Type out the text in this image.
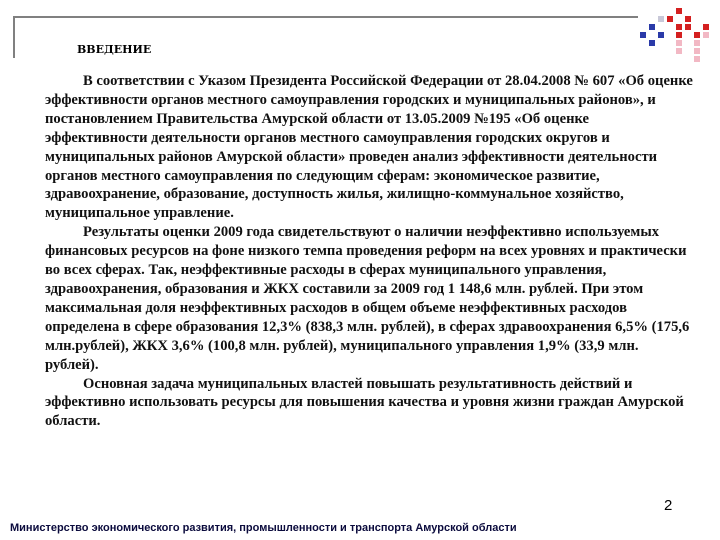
ВВЕДЕНИЕ

В соответствии с Указом Президента Российской Федерации от 28.04.2008 № 607 «Об оценке эффективности органов местного самоуправления городских и муниципальных районов», и постановлением Правительства Амурской области от 13.05.2009 №195 «Об оценке эффективности деятельности органов местного самоуправления городских округов и муниципальных районов Амурской области» проведен анализ эффективности деятельности органов местного самоуправления по следующим сферам: экономическое развитие, здравоохранение, образование, доступность жилья, жилищно-коммунальное хозяйство, муниципальное управление.

Результаты оценки 2009 года свидетельствуют о наличии неэффективно используемых финансовых ресурсов на фоне низкого темпа проведения реформ на всех уровнях и практически во всех сферах. Так, неэффективные расходы в сферах муниципального управления, здравоохранения, образования и ЖКХ составили за 2009 год 1 148,6 млн. рублей. При этом максимальная доля неэффективных расходов в общем объеме неэффективных расходов определена в сфере образования 12,3% (838,3 млн. рублей), в сферах здравоохранения 6,5% (175,6 млн.рублей), ЖКХ 3,6% (100,8 млн. рублей), муниципального управления 1,9% (33,9 млн. рублей).

Основная задача муниципальных властей повышать результативность действий и эффективно использовать ресурсы для повышения качества и уровня жизни граждан Амурской области.

2
Министерство экономического развития, промышленности и транспорта Амурской области
